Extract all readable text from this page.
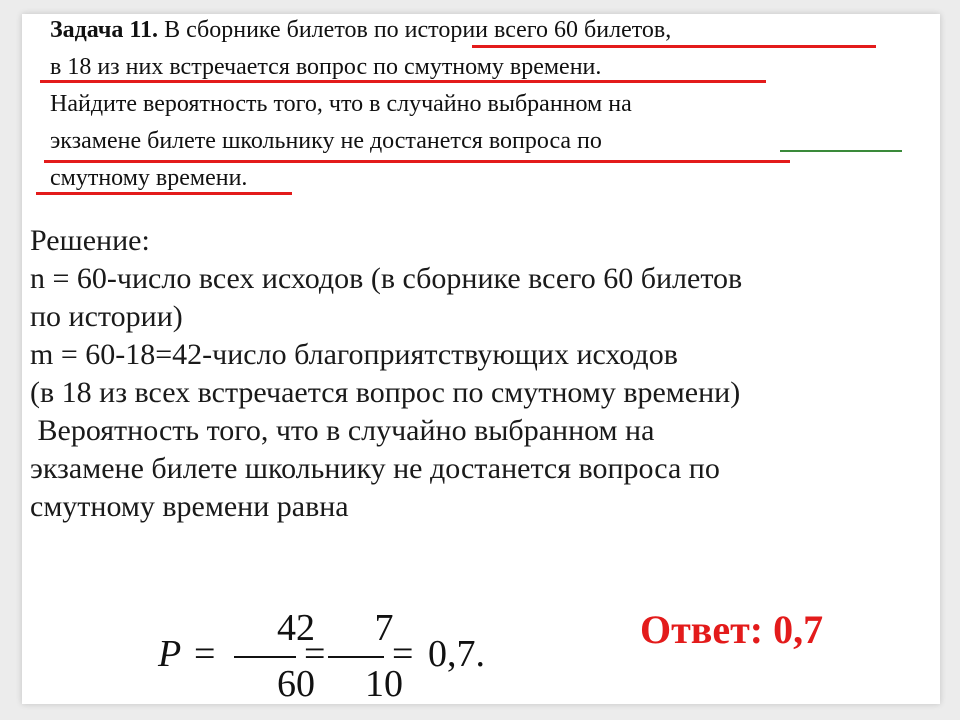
Задача 11. В сборнике билетов по истории всего 60 билетов,
в 18 из них встречается вопрос по смутному времени.
Найдите вероятность того, что в случайно выбранном на
экзамене билете школьнику не достанется вопроса по
смутному времени.
Решение:
n = 60-число всех исходов (в сборнике всего 60 билетов
по истории)
m = 60-18=42-число благоприятствующих исходов
(в 18 из всех встречается вопрос по смутному времени)
Вероятность того, что в случайно выбранном на
экзамене билете школьнику не достанется вопроса по
смутному времени равна
P =
42
60
=
7
10
= 0,7.
Ответ: 0,7
